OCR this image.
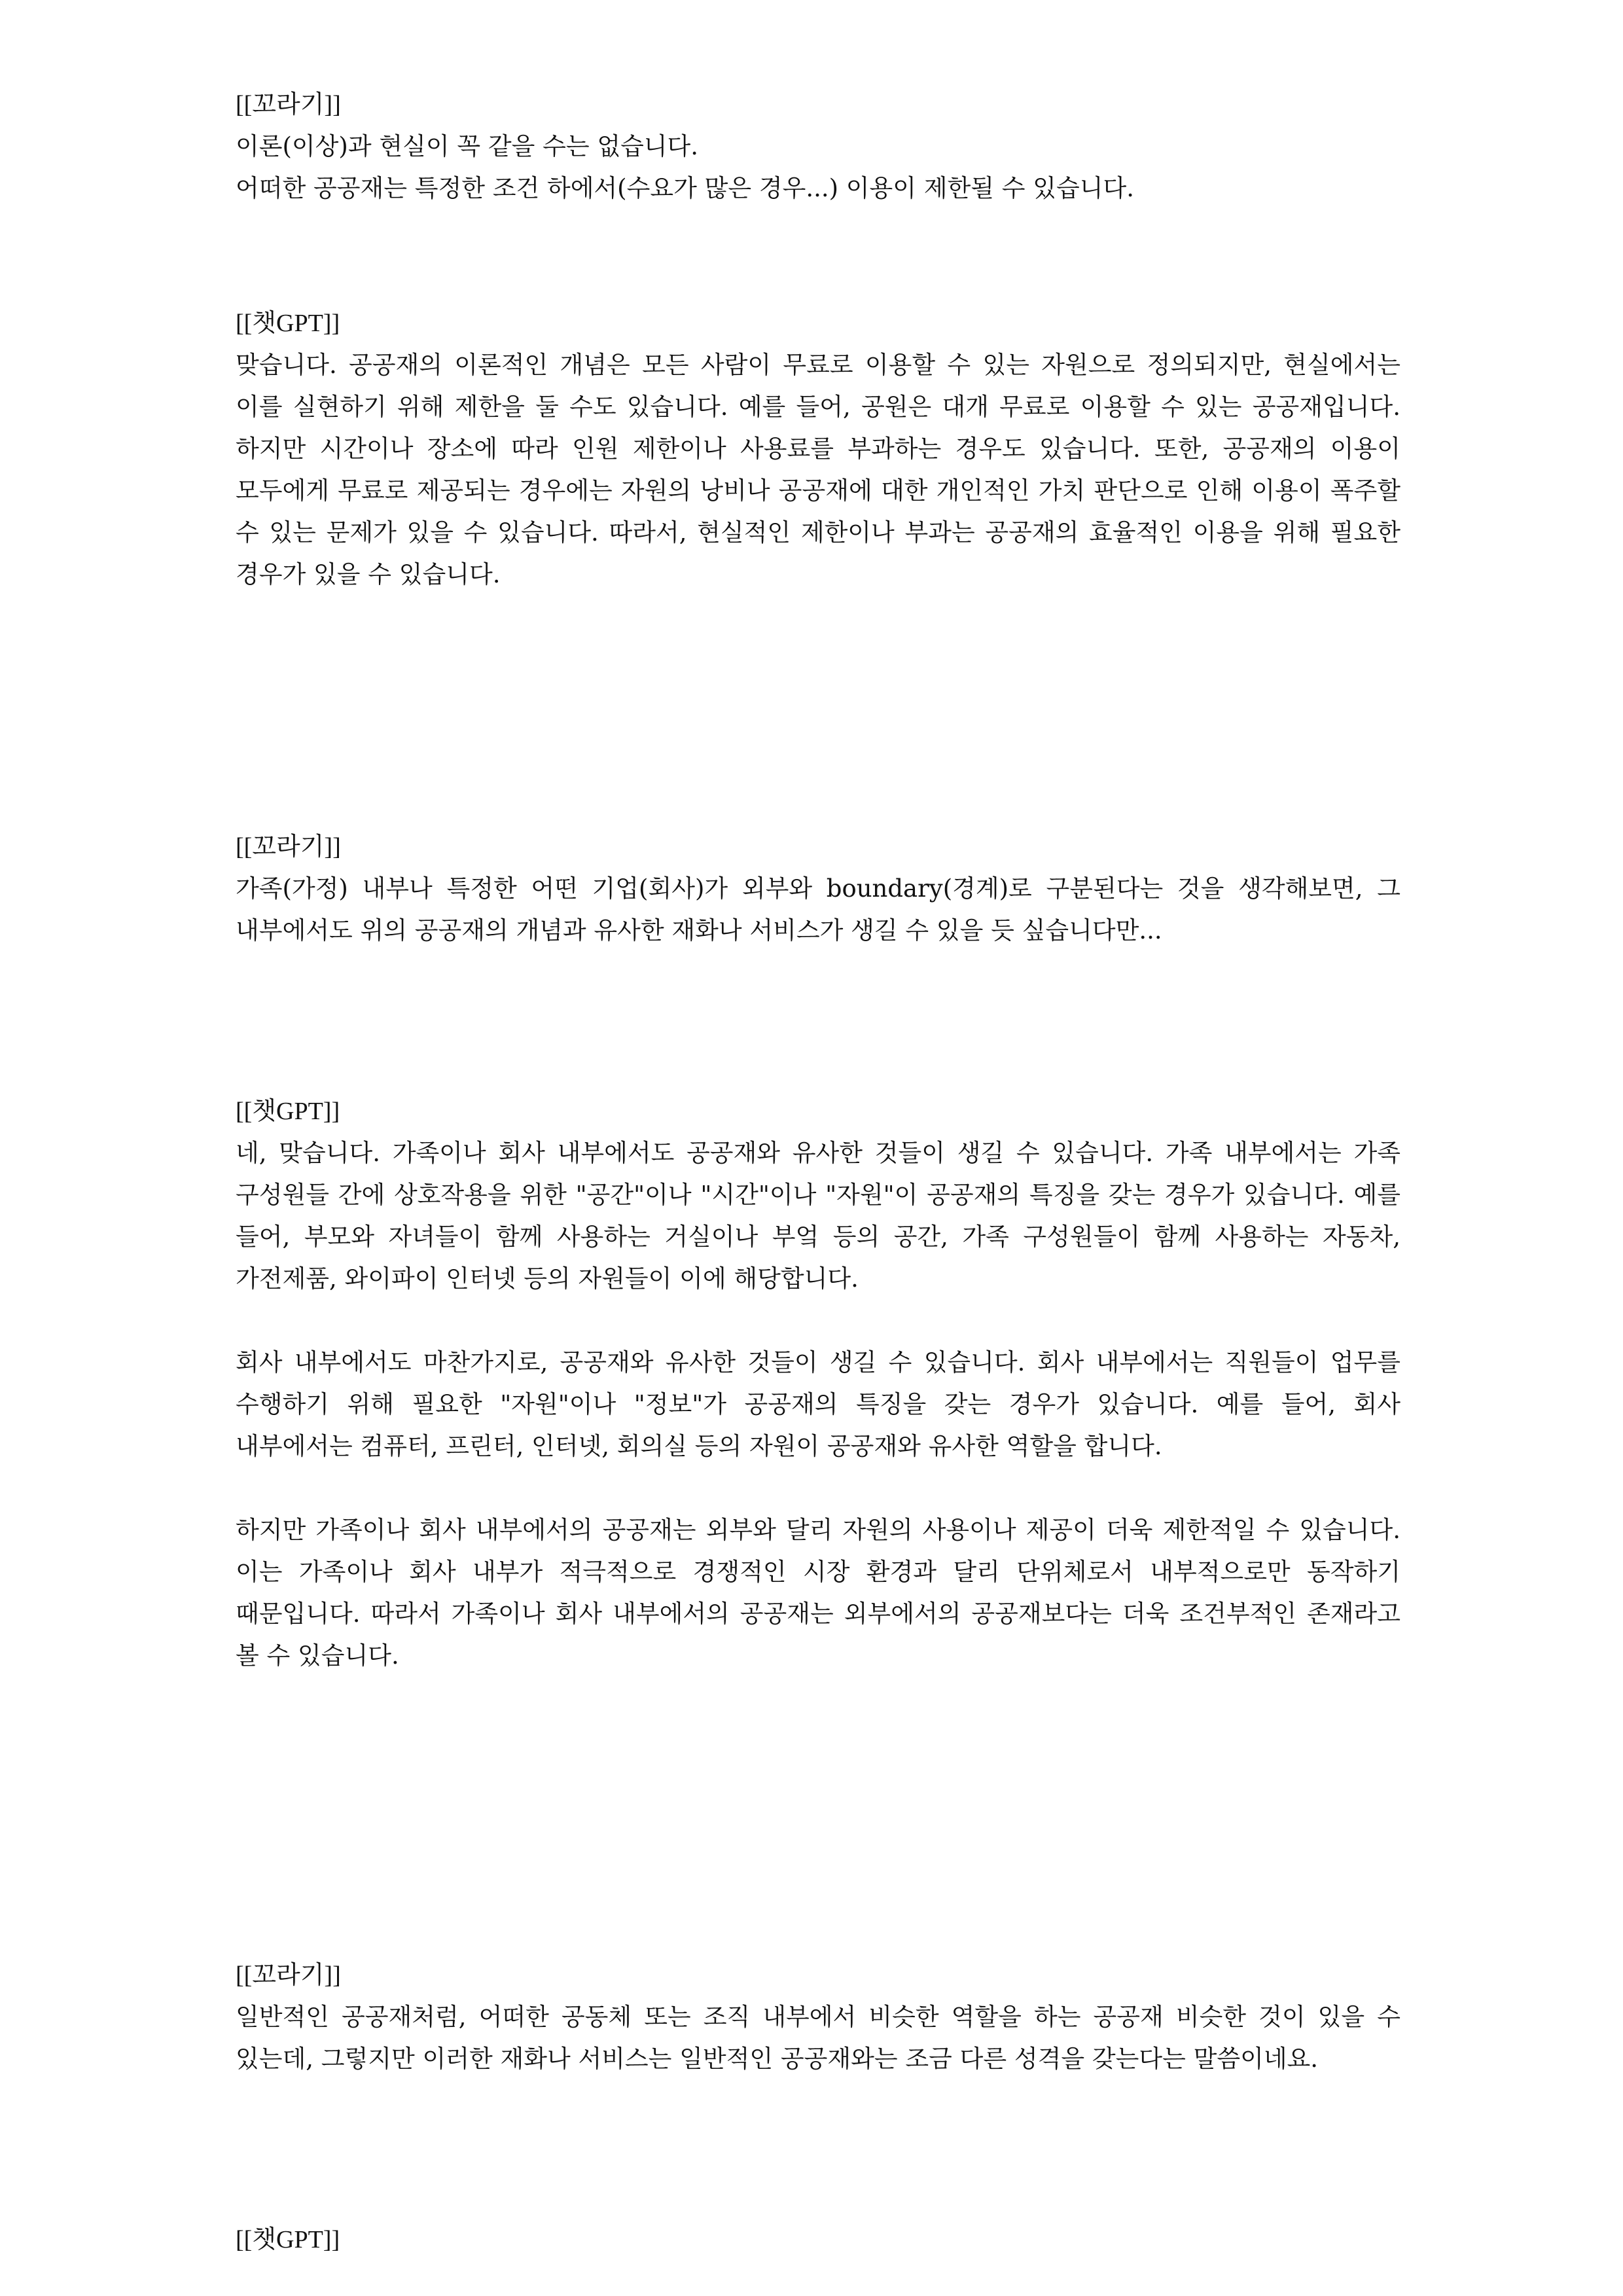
[[꼬라기]]
이론(이상)과 현실이 꼭 같을 수는 없습니다.
어떠한 공공재는 특정한 조건 하에서(수요가 많은 경우...) 이용이 제한될 수 있습니다.
[[챗GPT]]

맞습니다. 공공재의 이론적인 개념은 모든 사람이 무료로 이용할 수 있는 자원으로 정의되지만, 현실에서는 이를 실현하기 위해 제한을 둘 수도 있습니다. 예를 들어, 공원은 대개 무료로 이용할 수 있는 공공재입니다. 하지만 시간이나 장소에 따라 인원 제한이나 사용료를 부과하는 경우도 있습니다. 또한, 공공재의 이용이 모두에게 무료로 제공되는 경우에는 자원의 낭비나 공공재에 대한 개인적인 가치 판단으로 인해 이용이 폭주할 수 있는 문제가 있을 수 있습니다. 따라서, 현실적인 제한이나 부과는 공공재의 효율적인 이용을 위해 필요한 경우가 있을 수 있습니다.

[[꼬라기]]

가족(가정) 내부나 특정한 어떤 기업(회사)가 외부와 boundary(경계)로 구분된다는 것을 생각해보면, 그 내부에서도 위의 공공재의 개념과 유사한 재화나 서비스가 생길 수 있을 듯 싶습니다만...

[[챗GPT]]

네, 맞습니다. 가족이나 회사 내부에서도 공공재와 유사한 것들이 생길 수 있습니다. 가족 내부에서는 가족 구성원들 간에 상호작용을 위한 "공간"이나 "시간"이나 "자원"이 공공재의 특징을 갖는 경우가 있습니다. 예를 들어, 부모와 자녀들이 함께 사용하는 거실이나 부엌 등의 공간, 가족 구성원들이 함께 사용하는 자동차, 가전제품, 와이파이 인터넷 등의 자원들이 이에 해당합니다.

회사 내부에서도 마찬가지로, 공공재와 유사한 것들이 생길 수 있습니다. 회사 내부에서는 직원들이 업무를 수행하기 위해 필요한 "자원"이나 "정보"가 공공재의 특징을 갖는 경우가 있습니다. 예를 들어, 회사 내부에서는 컴퓨터, 프린터, 인터넷, 회의실 등의 자원이 공공재와 유사한 역할을 합니다.

하지만 가족이나 회사 내부에서의 공공재는 외부와 달리 자원의 사용이나 제공이 더욱 제한적일 수 있습니다. 이는 가족이나 회사 내부가 적극적으로 경쟁적인 시장 환경과 달리 단위체로서 내부적으로만 동작하기 때문입니다. 따라서 가족이나 회사 내부에서의 공공재는 외부에서의 공공재보다는 더욱 조건부적인 존재라고 볼 수 있습니다.

[[꼬라기]]

일반적인 공공재처럼, 어떠한 공동체 또는 조직 내부에서 비슷한 역할을 하는 공공재 비슷한 것이 있을 수 있는데, 그렇지만 이러한 재화나 서비스는 일반적인 공공재와는 조금 다른 성격을 갖는다는 말씀이네요.

[[챗GPT]]
